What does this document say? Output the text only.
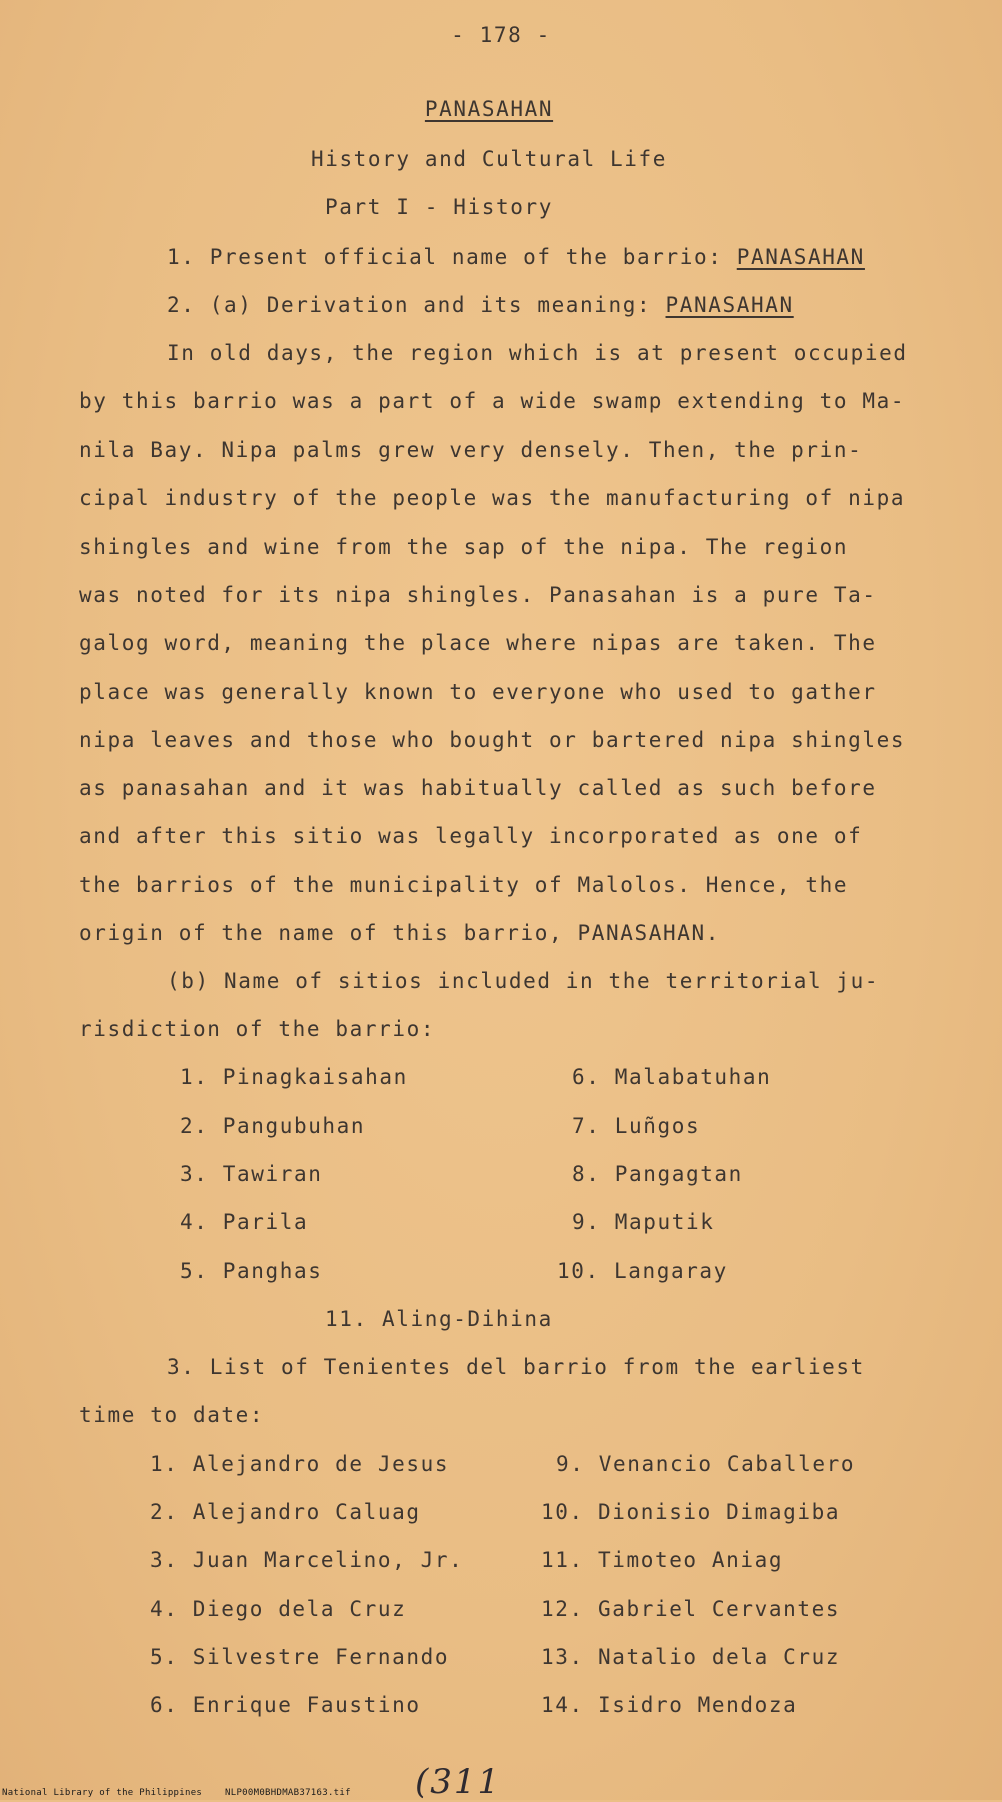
- 178 -
PANASAHAN
History and Cultural Life
Part I - History
1. Present official name of the barrio: PANASAHAN
2. (a) Derivation and its meaning: PANASAHAN
In old days, the region which is at present occupied
by this barrio was a part of a wide swamp extending to Ma-
nila Bay. Nipa palms grew very densely. Then, the prin-
cipal industry of the people was the manufacturing of nipa
shingles and wine from the sap of the nipa. The region
was noted for its nipa shingles. Panasahan is a pure Ta-
galog word, meaning the place where nipas are taken. The
place was generally known to everyone who used to gather
nipa leaves and those who bought or bartered nipa shingles
as panasahan and it was habitually called as such before
and after this sitio was legally incorporated as one of
the barrios of the municipality of Malolos. Hence, the
origin of the name of this barrio, PANASAHAN.
(b) Name of sitios included in the territorial ju-
risdiction of the barrio:
1. Pinagkaisahan
2. Pangubuhan
3. Tawiran
4. Parila
5. Panghas
6. Malabatuhan
7. Luñgos
8. Pangagtan
9. Maputik
10. Langaray
11. Aling-Dihina
3. List of Tenientes del barrio from the earliest
time to date:
1. Alejandro de Jesus
2. Alejandro Caluag
3. Juan Marcelino, Jr.
4. Diego dela Cruz
5. Silvestre Fernando
6. Enrique Faustino
9. Venancio Caballero
10. Dionisio Dimagiba
11. Timoteo Aniag
12. Gabriel Cervantes
13. Natalio dela Cruz
14. Isidro Mendoza
(311
National Library of the Philippines    NLP00M0BHDMAB37163.tif
